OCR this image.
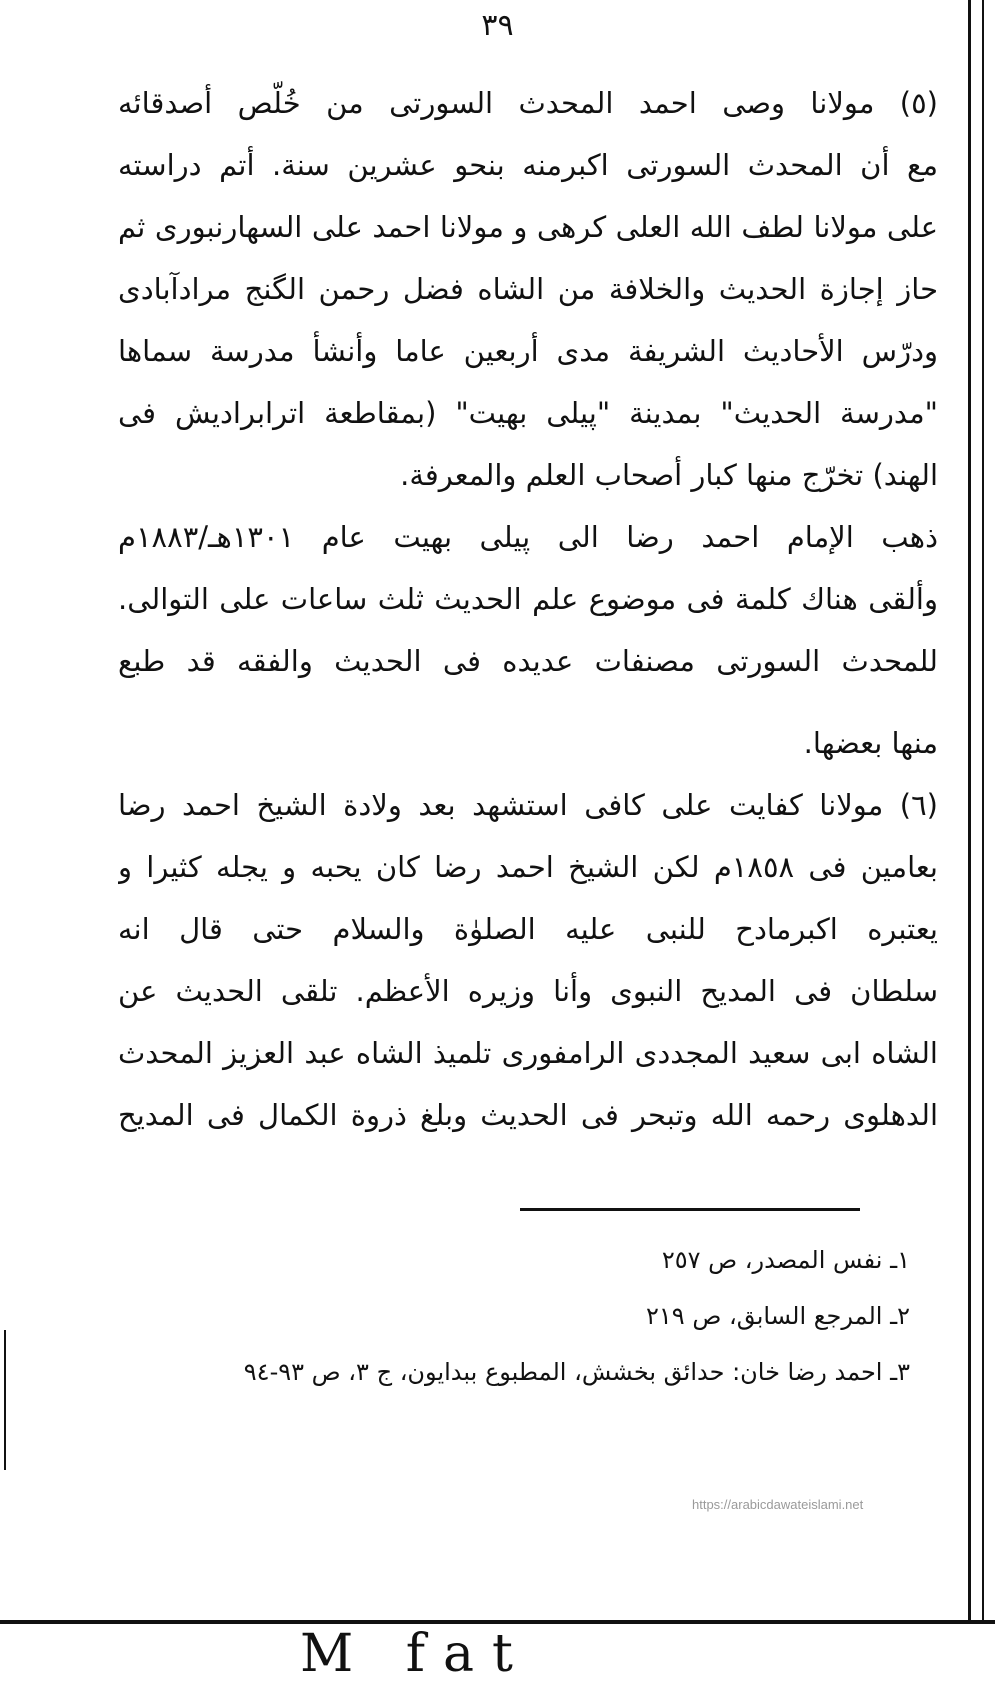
٣٩
(٥) مولانا وصی احمد المحدث السورتی من خُلّص أصدقائه
مع أن المحدث السورتی اکبرمنه بنحو عشرین سنة. أتم دراسته
علی مولانا لطف الله العلی کرهی و مولانا احمد علی السهارنبوری ثم
حاز إجازة الحدیث والخلافة من الشاه فضل رحمن الگنج مرادآبادی
ودرّس الأحادیث الشریفة مدی أربعین عاما وأنشأ مدرسة سماها
"مدرسة الحدیث" بمدینة "پیلی بهیت" (بمقاطعة اترابرادیش فی
الهند) تخرّج منها کبار أصحاب العلم والمعرفة.
ذهب الإمام احمد رضا الی پیلی بهیت عام ١٣٠١هـ/١٨٨٣م
وألقی هناك کلمة فی موضوع علم الحدیث ثلث ساعات علی التوالی.
للمحدث السورتی مصنفات عدیده فی الحدیث والفقه قد طبع
منها بعضها.
(٦) مولانا کفایت علی کافی استشهد بعد ولادة الشیخ احمد رضا
بعامین فی ١٨٥٨م لکن الشیخ احمد رضا کان یحبه و یجله کثیرا و
یعتبره اکبرمادح للنبی علیه الصلوٰة والسلام حتی قال انه
سلطان فی المدیح النبوی وأنا وزیره الأعظم. تلقی الحدیث عن
الشاه ابی سعید المجددی الرامفوری تلمیذ الشاه عبد العزیز المحدث
الدهلوی رحمه الله وتبحر فی الحدیث وبلغ ذروة الکمال فی المدیح
١ـ نفس المصدر، ص ٢٥٧
٢ـ المرجع السابق، ص ٢١٩
٣ـ احمد رضا خان: حدائق بخشش، المطبوع ببدایون، ج ٣، ص ٩٣-٩٤
https://arabicdawateislami.net
M fat
